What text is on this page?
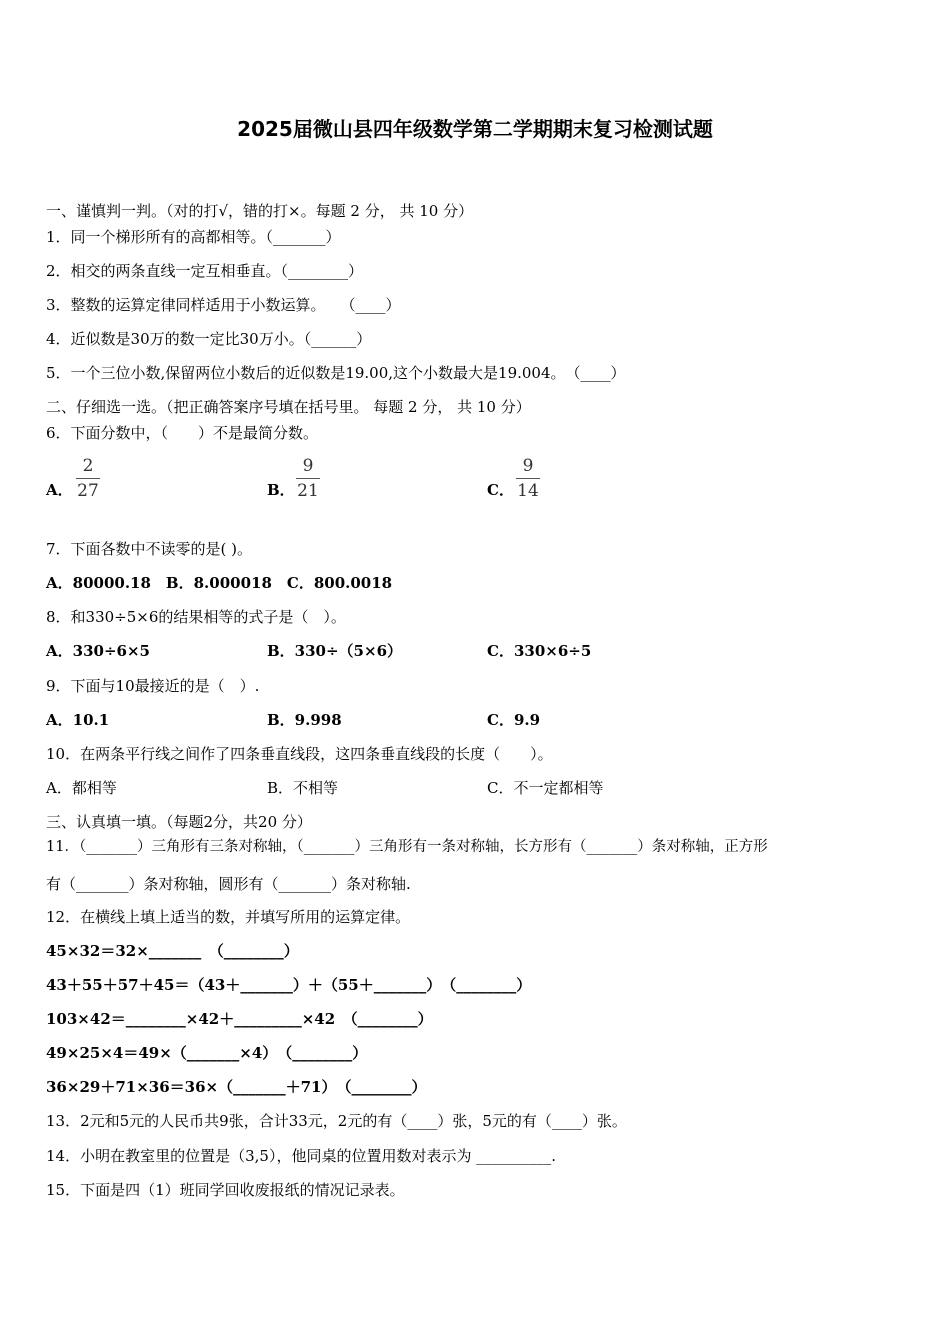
2025届微山县四年级数学第二学期期末复习检测试题
一、谨慎判一判。（对的打√，错的打×。每题 2 分， 共 10 分）
1．同一个梯形所有的高都相等。（_______）
2．相交的两条直线一定互相垂直。（________）
3．整数的运算定律同样适用于小数运算。　　（____）
4．近似数是30万的数一定比30万小。（______）
5．一个三位小数,保留两位小数后的近似数是19.00,这个小数最大是19.004。　（____）
二、仔细选一选。（把正确答案序号填在括号里。 每题 2 分， 共 10 分）
6．下面分数中，（　　）不是最简分数。
A．
2
27	B．
9
21	C．
9
14
7．下面各数中不读零的是( )。
A．80000.18　B．8.000018　C．800.0018
8．和330÷5×6的结果相等的式子是（　）。
A．330÷6×5	B．330÷（5×6）	C．330×6÷5
9．下面与10最接近的是（　）.
A．10.1	B．9.998	C．9.9
10．在两条平行线之间作了四条垂直线段，这四条垂直线段的长度（　　）。
A．都相等	B．不相等	C．不一定都相等
三、认真填一填。（每题2分，共20 分）
11．（_______）三角形有三条对称轴，（_______）三角形有一条对称轴，长方形有（_______）条对称轴，正方形
有（_______）条对称轴，圆形有（_______）条对称轴.
12．在横线上填上适当的数，并填写所用的运算定律。
45×32＝32×_______　（________）
43＋55＋57＋45＝（43＋_______）＋（55＋_______）　（________）
103×42＝________×42＋_________×42　（________）
49×25×4＝49×（_______×4）　（________）
36×29＋71×36＝36×（_______＋71）　（________）
13．2元和5元的人民币共9张，合计33元，2元的有（____）张，5元的有（____）张。
14．小明在教室里的位置是（3,5），他同桌的位置用数对表示为 __________.
15．下面是四（1）班同学回收废报纸的情况记录表。
